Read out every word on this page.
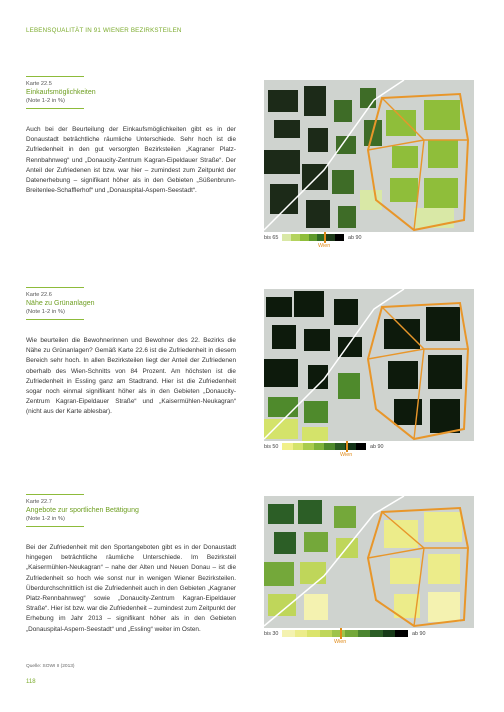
LEBENSQUALITÄT IN 91 WIENER BEZIRKSTEILEN
Karte 22.5
Einkaufsmöglichkeiten
(Note 1-2 in %)
Auch bei der Beurteilung der Einkaufsmöglichkeiten gibt es in der Donaustadt beträchtliche räumliche Unterschiede. Sehr hoch ist die Zufriedenheit in den gut versorgten Bezirksteilen „Kagraner Platz-Rennbahnweg“ und „Donaucity-Zentrum Kagran-Eipeldauer Straße“. Der Anteil der Zufriedenen ist bzw. war hier – zumindest zum Zeitpunkt der Datenerhebung – signifikant höher als in den Gebieten „Süßenbrunn-Breitenlee-Schafflerhof“ und „Donauspital-Aspern-Seestadt“.
Karte 22.6
Nähe zu Grünanlagen
(Note 1-2 in %)
Wie beurteilen die Bewohnerinnen und Bewohner des 22. Bezirks die Nähe zu Grünanlagen? Gemäß Karte 22.6 ist die Zufriedenheit in diesem Bereich sehr hoch. In allen Bezirksteilen liegt der Anteil der Zufriedenen oberhalb des Wien-Schnitts von 84 Prozent. Am höchsten ist die Zufriedenheit in Essling ganz am Stadtrand. Hier ist die Zufriedenheit sogar noch einmal signifikant höher als in den Gebieten „Donaucity-Zentrum Kagran-Eipeldauer Straße“ und „Kaisermühlen-Neukagran“ (nicht aus der Karte ablesbar).
Karte 22.7
Angebote zur sportlichen Betätigung
(Note 1-2 in %)
Bei der Zufriedenheit mit den Sportangeboten gibt es in der Donaustadt hingegen beträchtliche räumliche Unterschiede. Im Bezirksteil „Kaisermühlen-Neukagran“ – nahe der Alten und Neuen Donau – ist die Zufriedenheit so hoch wie sonst nur in wenigen Wiener Bezirksteilen. Überdurchschnittlich ist die Zufriedenheit auch in den Gebieten „Kagraner Platz-Rennbahnweg“ sowie „Donaucity-Zentrum Kagran-Eipeldauer Straße“. Hier ist bzw. war die Zufriedenheit – zumindest zum Zeitpunkt der Erhebung im Jahr 2013 – signifikant höher als in den Gebieten „Donauspital-Aspern-Seestadt“ und „Essling“ weiter im Osten.
bis 65	ab 90
Wien
bis 50	ab 90
Wien
bis 30	ab 90
Wien
Quelle: SOWI II (2013)
118
